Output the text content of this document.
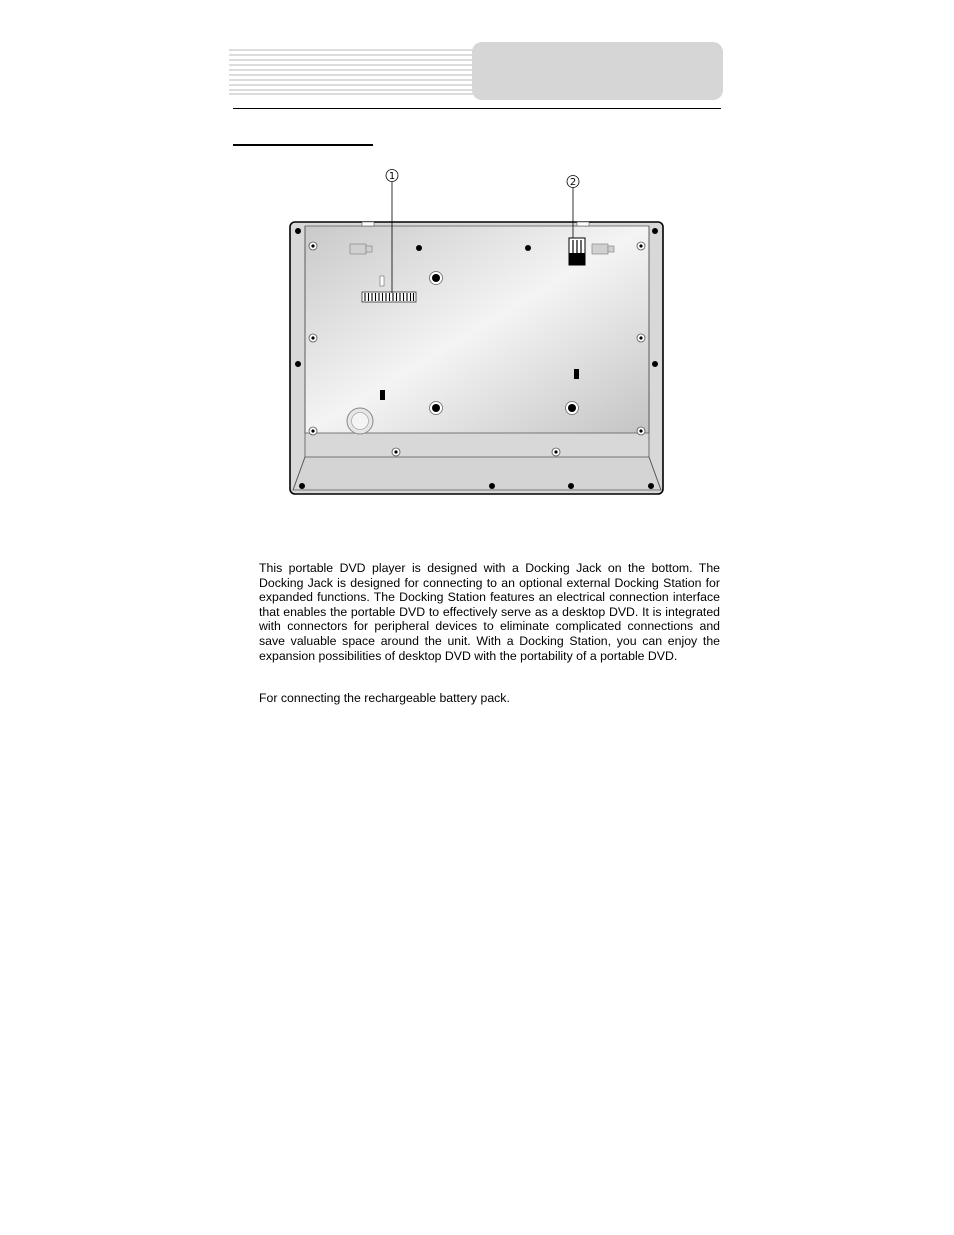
1
2

This portable DVD player is designed with a Docking Jack on the bottom. The Docking Jack is designed for connecting to an optional external Docking Station for expanded functions. The Docking Station features an electrical connection interface that enables the portable DVD to effectively serve as a desktop DVD. It is integrated with connectors for peripheral devices to eliminate complicated connections and save valuable space around the unit. With a Docking Station, you can enjoy the expansion possibilities of desktop DVD with the portability of a portable DVD.

For connecting the rechargeable battery pack.
